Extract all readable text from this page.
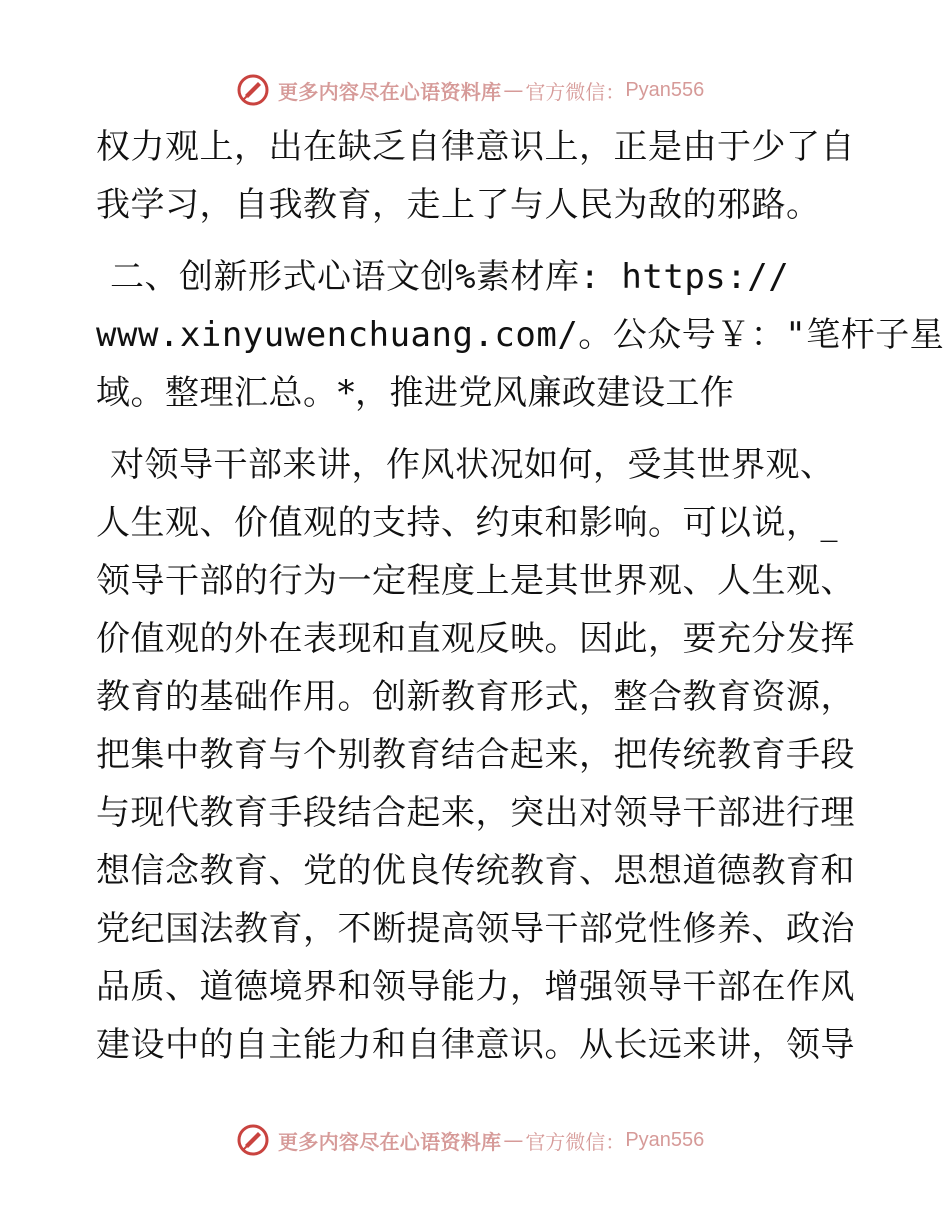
更多内容尽在心语资料库 — 官方微信： Pyan556
权力观上，出在缺乏自律意识上，正是由于少了自
我学习，自我教育，走上了与人民为敌的邪路。
二、创新形式心语文创%素材库: https://
www.xinyuwenchuang.com/。公众号￥："笔杆子星
域。整理汇总。*，推进党风廉政建设工作
对领导干部来讲，作风状况如何，受其世界观、
人生观、价值观的支持、约束和影响。可以说，_
领导干部的行为一定程度上是其世界观、人生观、
价值观的外在表现和直观反映。因此，要充分发挥
教育的基础作用。创新教育形式，整合教育资源，
把集中教育与个别教育结合起来，把传统教育手段
与现代教育手段结合起来，突出对领导干部进行理
想信念教育、党的优良传统教育、思想道德教育和
党纪国法教育，不断提高领导干部党性修养、政治
品质、道德境界和领导能力，增强领导干部在作风
建设中的自主能力和自律意识。从长远来讲，领导
更多内容尽在心语资料库 — 官方微信： Pyan556
